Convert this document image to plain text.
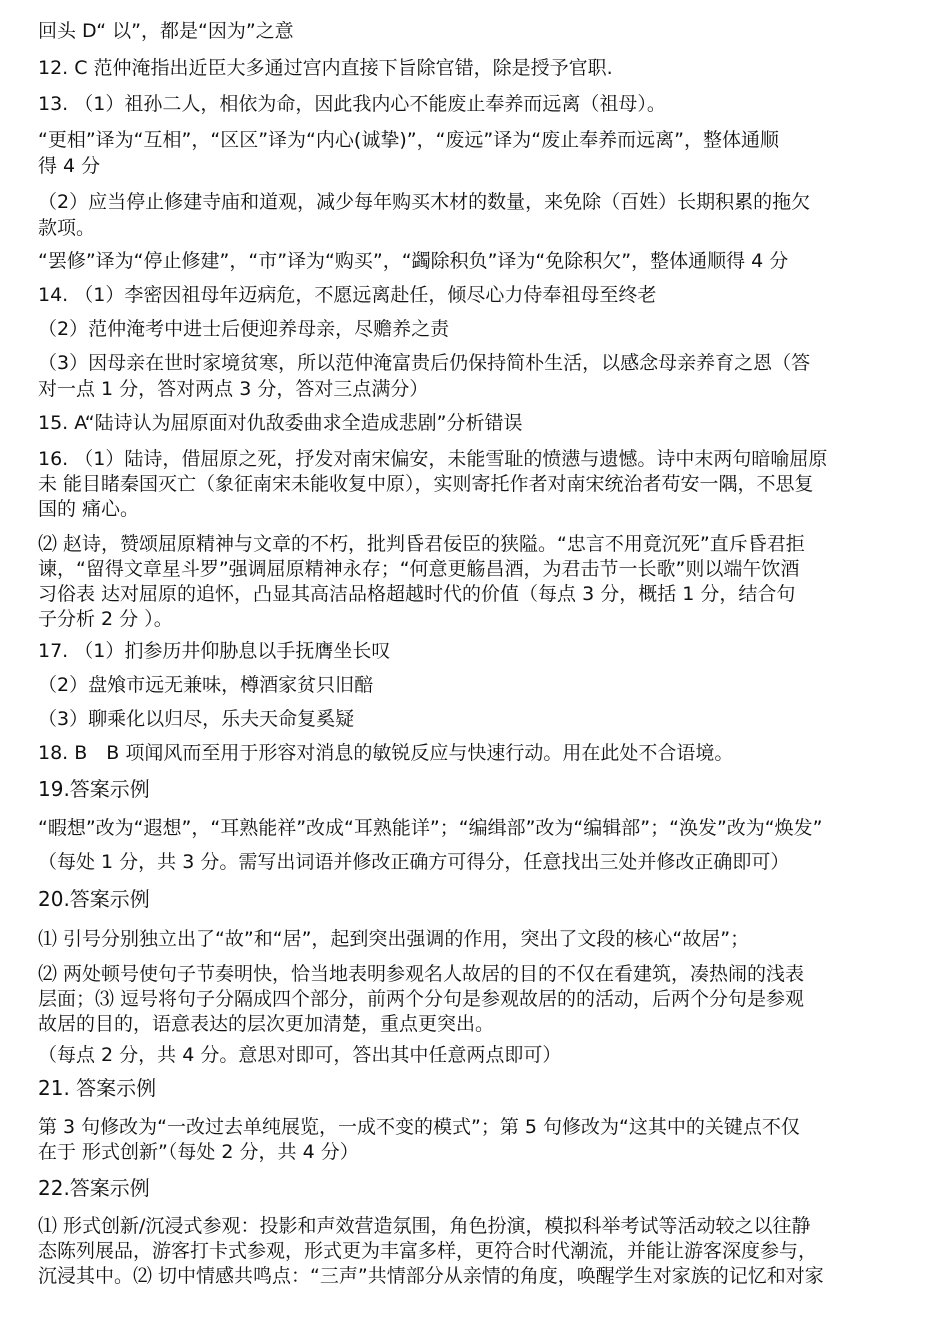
回头 D“ 以”，都是“因为”之意
12. C 范仲淹指出近臣大多通过宫内直接下旨除官错，除是授予官职.
13. （1）祖孙二人，相依为命，因此我内心不能废止奉养而远离（祖母）。
“更相”译为“互相”，“区区”译为“内心(诚挚)”，“废远”译为“废止奉养而远离”，整体通顺
得 4 分
（2）应当停止修建寺庙和道观，减少每年购买木材的数量，来免除（百姓）长期积累的拖欠
款项。
“罢修”译为“停止修建”，“市”译为“购买”，“蠲除积负”译为“免除积欠”，整体通顺得 4 分
14. （1）李密因祖母年迈病危，不愿远离赴任，倾尽心力侍奉祖母至终老
（2）范仲淹考中进士后便迎养母亲，尽赡养之责
（3）因母亲在世时家境贫寒，所以范仲淹富贵后仍保持简朴生活，以感念母亲养育之恩（答
对一点 1 分，答对两点 3 分，答对三点满分）
15. A“陆诗认为屈原面对仇敌委曲求全造成悲剧”分析错误
16. （1）陆诗，借屈原之死，抒发对南宋偏安，未能雪耻的愤懑与遗憾。诗中末两句暗喻屈原
未 能目睹秦国灭亡（象征南宋未能收复中原），实则寄托作者对南宋统治者苟安一隅，不思复
国的 痛心。
⑵ 赵诗，赞颂屈原精神与文章的不朽，批判昏君佞臣的狭隘。“忠言不用竟沉死”直斥昏君拒
谏，“留得文章星斗罗”强调屈原精神永存；“何意更觞昌酒，为君击节一长歌”则以端午饮酒
习俗表 达对屈原的追怀，凸显其高洁品格超越时代的价值（每点 3 分，概括 1 分，结合句
子分析 2 分 ）。
17. （1）扪参历井仰胁息以手抚膺坐长叹
（2）盘飧市远无兼味，樽酒家贫只旧醅
（3）聊乘化以归尽，乐夫天命复奚疑
18. B　B 项闻风而至用于形容对消息的敏锐反应与快速行动。用在此处不合语境。
19.答案示例
“暇想”改为“遐想”，“耳熟能祥”改成“耳熟能详”；“编缉部”改为“编辑部”；“涣发”改为“焕发”
（每处 1 分，共 3 分。需写出词语并修改正确方可得分，任意找出三处并修改正确即可）
20.答案示例
⑴ 引号分别独立出了“故”和“居”，起到突出强调的作用，突出了文段的核心“故居”；
⑵ 两处顿号使句子节奏明快，恰当地表明参观名人故居的目的不仅在看建筑，凑热闹的浅表
层面；⑶ 逗号将句子分隔成四个部分，前两个分句是参观故居的的活动，后两个分句是参观
故居的目的，语意表达的层次更加清楚，重点更突出。
（每点 2 分，共 4 分。意思对即可，答出其中任意两点即可）
21. 答案示例
第 3 句修改为“一改过去单纯展览，一成不变的模式”；第 5 句修改为“这其中的关键点不仅
在于 形式创新”（每处 2 分，共 4 分）
22.答案示例
⑴ 形式创新/沉浸式参观：投影和声效营造氛围，角色扮演，模拟科举考试等活动较之以往静
态陈列展品，游客打卡式参观，形式更为丰富多样，更符合时代潮流，并能让游客深度参与，
沉浸其中。⑵ 切中情感共鸣点：“三声”共情部分从亲情的角度，唤醒学生对家族的记忆和对家
